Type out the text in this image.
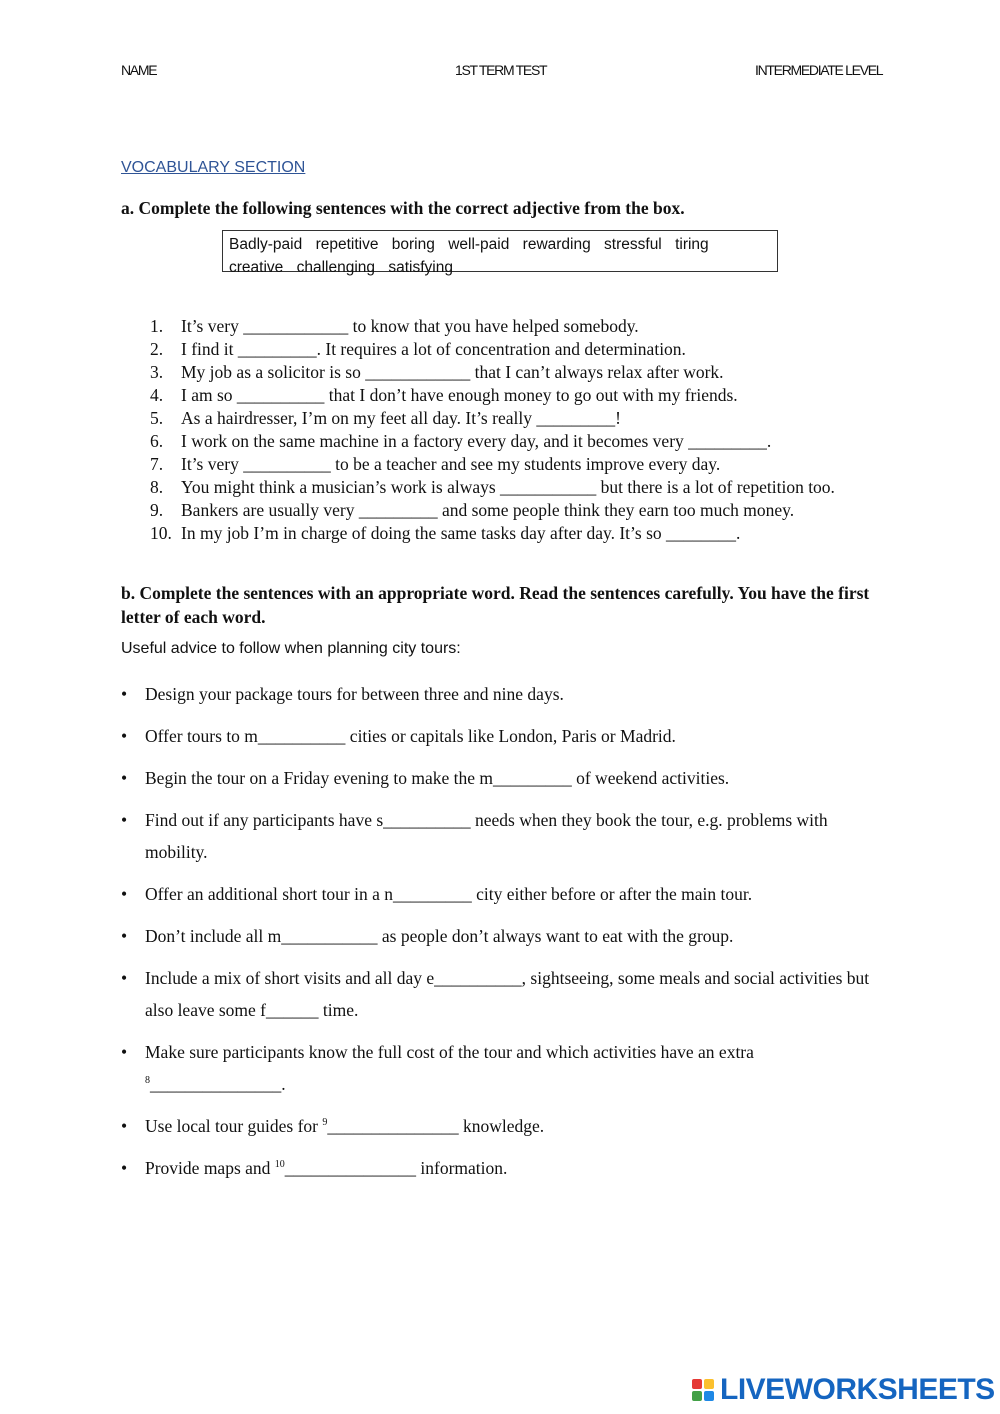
NAME	1ST TERM TEST	INTERMEDIATE LEVEL
VOCABULARY SECTION
a. Complete the following sentences with the correct adjective from the box.
Badly-paid repetitive boring well-paid rewarding stressful tiring
creative challenging satisfying
1. It’s very ____________ to know that you have helped somebody.
2. I find it _________. It requires a lot of concentration and determination.
3. My job as a solicitor is so ____________ that I can’t always relax after work.
4. I am so __________ that I don’t have enough money to go out with my friends.
5. As a hairdresser, I’m on my feet all day. It’s really _________!
6. I work on the same machine in a factory every day, and it becomes very _________.
7. It’s very __________ to be a teacher and see my students improve every day.
8. You might think a musician’s work is always ___________ but there is a lot of repetition too.
9. Bankers are usually very _________ and some people think they earn too much money.
10. In my job I’m in charge of doing the same tasks day after day. It’s so ________.
b. Complete the sentences with an appropriate word. Read the sentences carefully. You have the first letter of each word.
Useful advice to follow when planning city tours:
• Design your package tours for between three and nine days.
• Offer tours to m__________ cities or capitals like London, Paris or Madrid.
• Begin the tour on a Friday evening to make the m_________ of weekend activities.
• Find out if any participants have s__________ needs when they book the tour, e.g. problems with mobility.
• Offer an additional short tour in a n_________ city either before or after the main tour.
• Don’t include all m___________ as people don’t always want to eat with the group.
• Include a mix of short visits and all day e__________, sightseeing, some meals and social activities but also leave some f______ time.
• Make sure participants know the full cost of the tour and which activities have an extra
$^8$_______________.
• Use local tour guides for $^9$_______________ knowledge.
• Provide maps and $^{10}$_______________ information.
LIVEWORKSHEETS
